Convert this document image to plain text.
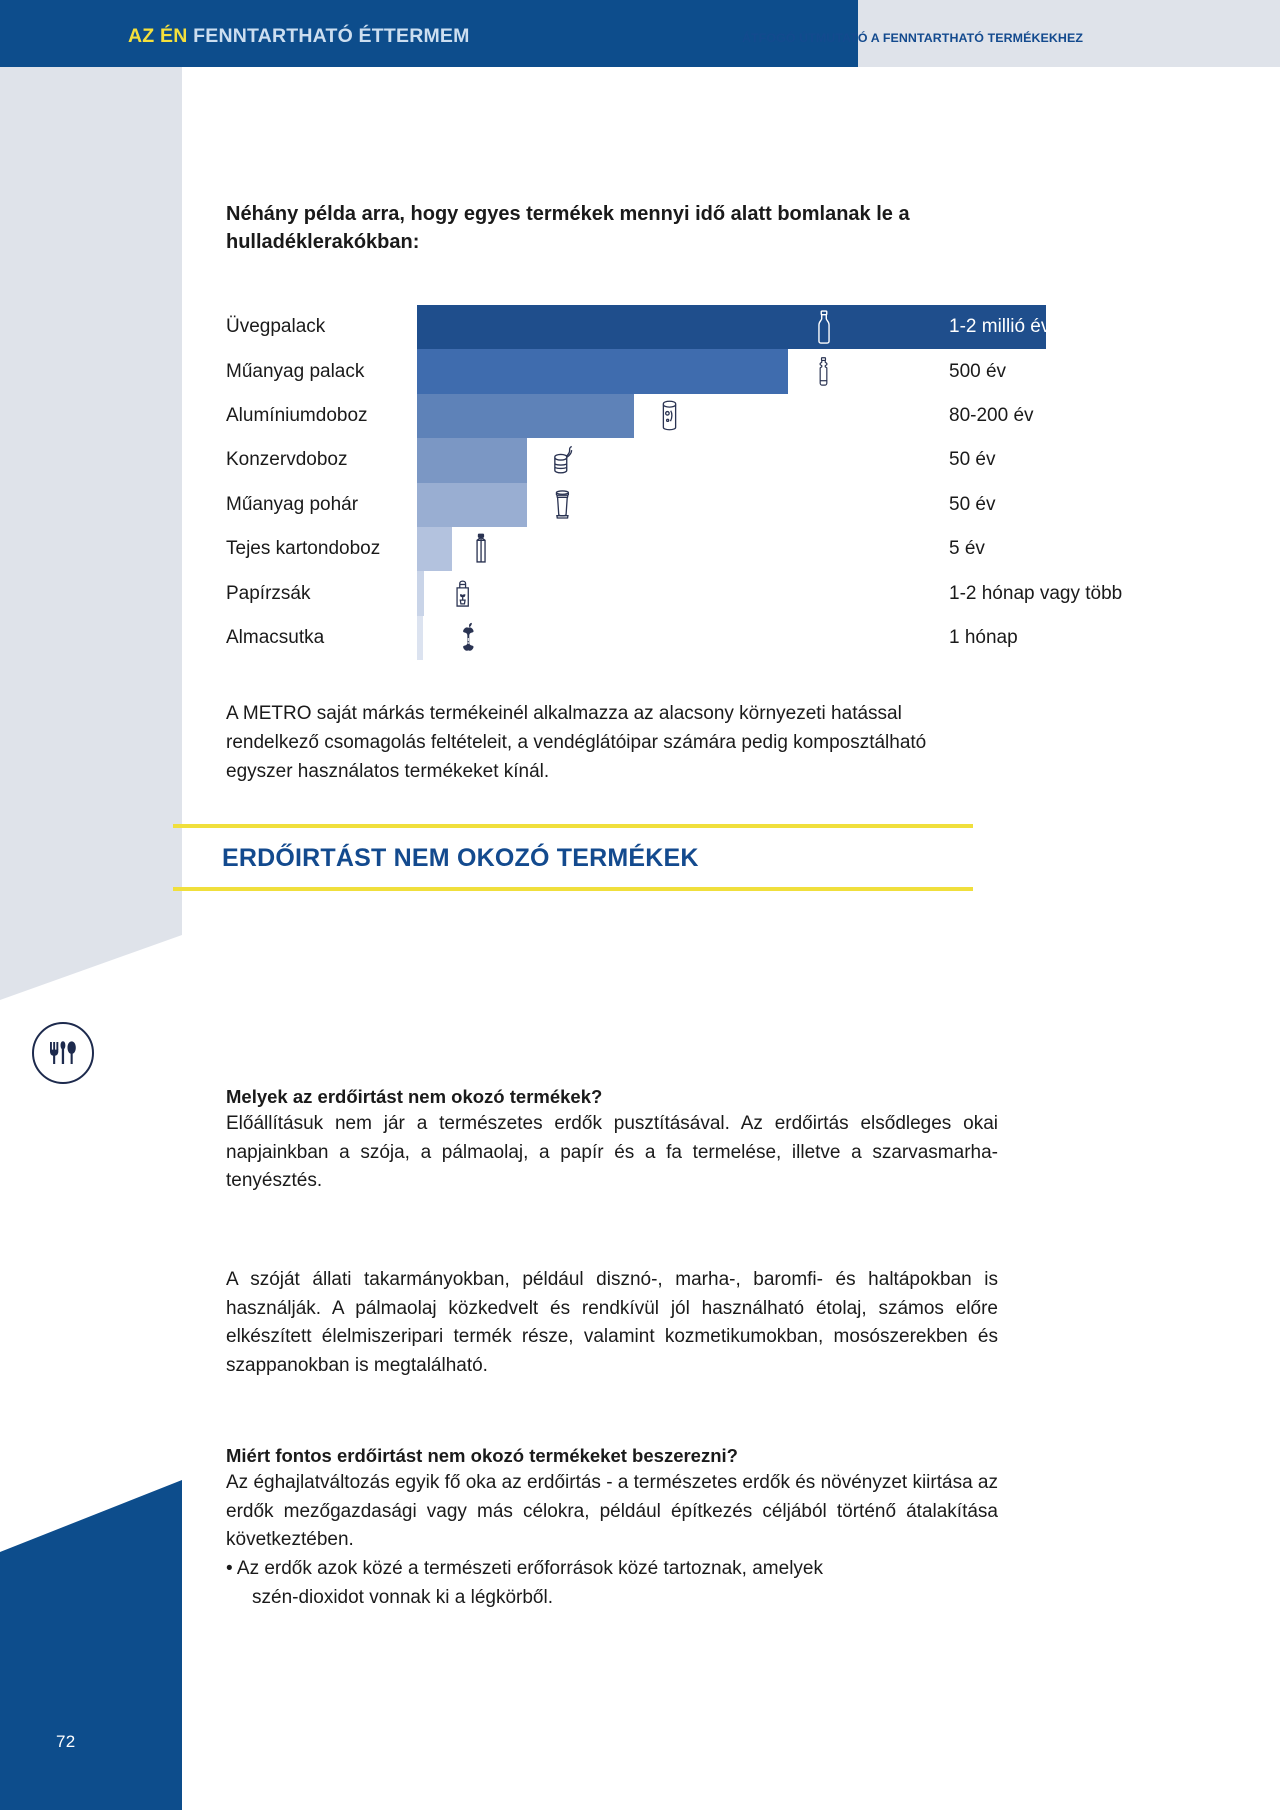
72
AZ ÉN FENNTARTHATÓ ÉTTERMEM	ÁTFOGÓ ÚTMUTATÓ A FENNTARTHATÓ TERMÉKEKHEZ
Néhány példa arra, hogy egyes termékek mennyi idő alatt bomlanak le a hulladéklerakókban:
Üvegpalack	1-2 millió év
Műanyag palack	500 év
Alumíniumdoboz	80-200 év
Konzervdoboz	50 év
Műanyag pohár	50 év
Tejes kartondoboz	5 év
Papírzsák	1-2 hónap vagy több
Almacsutka	1 hónap
A METRO saját márkás termékeinél alkalmazza az alacsony környezeti hatással rendelkező csomagolás feltételeit, a vendéglátóipar számára pedig komposztálható egyszer használatos termékeket kínál.
ERDŐIRTÁST NEM OKOZÓ TERMÉKEK
Melyek az erdőirtást nem okozó termékek?

Előállításuk nem jár a természetes erdők pusztításával. Az erdőirtás elsődleges okai napjainkban a szója, a pálmaolaj, a papír és a fa termelése, illetve a szarvasmarha-tenyésztés.

A szóját állati takarmányokban, például disznó-, marha-, baromfi- és haltápokban is használják. A pálmaolaj közkedvelt és rendkívül jól használható étolaj, számos előre elkészített élelmiszeripari termék része, valamint kozmetikumokban, mosószerekben és szappanokban is megtalálható.

Miért fontos erdőirtást nem okozó termékeket beszerezni?

Az éghajlatváltozás egyik fő oka az erdőirtás - a természetes erdők és növényzet kiirtása az erdők mezőgazdasági vagy más célokra, például építkezés céljából történő átalakítása következtében.

• Az erdők azok közé a természeti erőforrások közé tartoznak, amelyek
szén-dioxidot vonnak ki a légkörből.
